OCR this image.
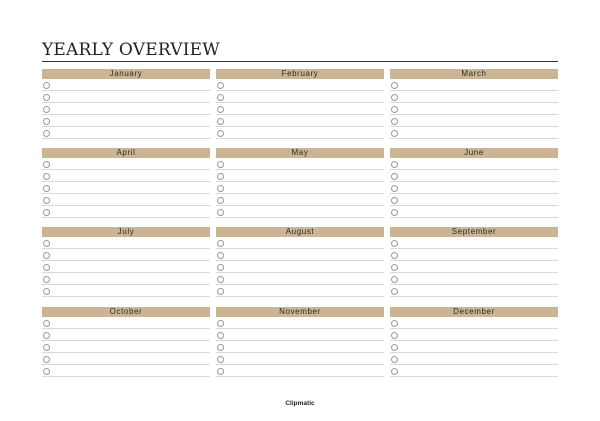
YEARLY OVERVIEW
January	February	March
April	May	June
July	August	September
October	November	December
Clipmatic
